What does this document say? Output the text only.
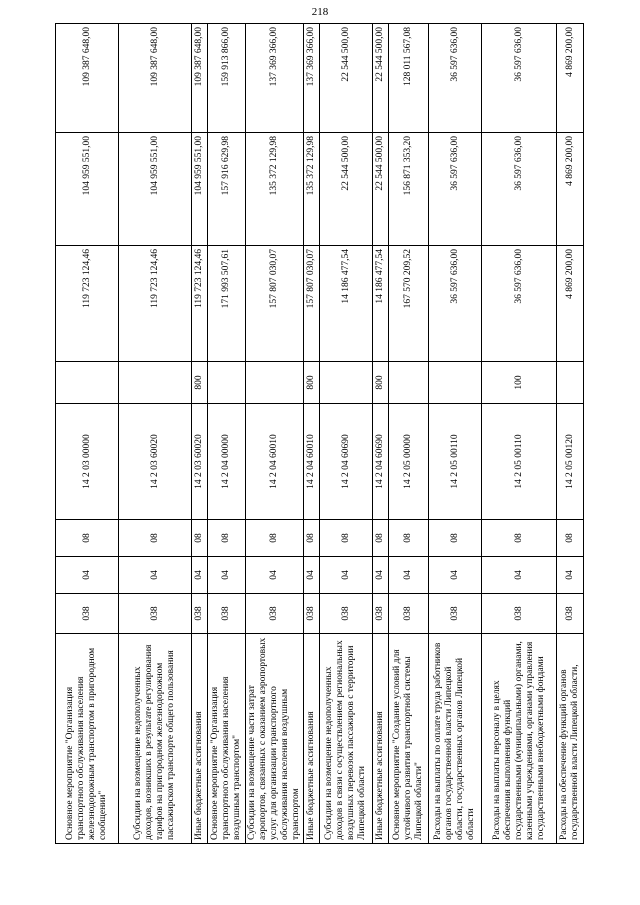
218
Основное мероприятие "Организация транспортного обслуживания населения железнодорожным транспортом в пригородном сообщении"	038	04	08	14 2 03 00000		119 723 124,46	104 959 551,00	109 387 648,00
Субсидии на возмещение недополученных доходов, возникших в результате регулирования тарифов на пригородном железнодорожном пассажирском транспорте общего пользования	038	04	08	14 2 03 60020		119 723 124,46	104 959 551,00	109 387 648,00
Иные бюджетные ассигнования	038	04	08	14 2 03 60020	800	119 723 124,46	104 959 551,00	109 387 648,00
Основное мероприятие "Организация транспортного обслуживания населения воздушным транспортом"	038	04	08	14 2 04 00000		171 993 507,61	157 916 629,98	159 913 866,00
Субсидии на возмещение части затрат аэропортов, связанных с оказанием аэропортовых услуг для организации транспортного обслуживания населения воздушным транспортом	038	04	08	14 2 04 60010		157 807 030,07	135 372 129,98	137 369 366,00
Иные бюджетные ассигнования	038	04	08	14 2 04 60010	800	157 807 030,07	135 372 129,98	137 369 366,00
Субсидии на возмещение недополученных доходов в связи с осуществлением региональных воздушных перевозок пассажиров с территории Липецкой области	038	04	08	14 2 04 60690		14 186 477,54	22 544 500,00	22 544 500,00
Иные бюджетные ассигнования	038	04	08	14 2 04 60690	800	14 186 477,54	22 544 500,00	22 544 500,00
Основное мероприятие "Создание условий для устойчивого развития транспортной системы Липецкой области"	038	04	08	14 2 05 00000		167 570 209,52	156 871 353,20	128 011 567,08
Расходы на выплаты по оплате труда работников органов государственной власти Липецкой области, государственных органов Липецкой области	038	04	08	14 2 05 00110		36 597 636,00	36 597 636,00	36 597 636,00
Расходы на выплаты персоналу в целях обеспечения выполнения функций государственными (муниципальными) органами, казенными учреждениями, органами управления государственными внебюджетными фондами	038	04	08	14 2 05 00110	100	36 597 636,00	36 597 636,00	36 597 636,00
Расходы на обеспечение функций органов государственной власти Липецкой области,	038	04	08	14 2 05 00120		4 869 200,00	4 869 200,00	4 869 200,00
